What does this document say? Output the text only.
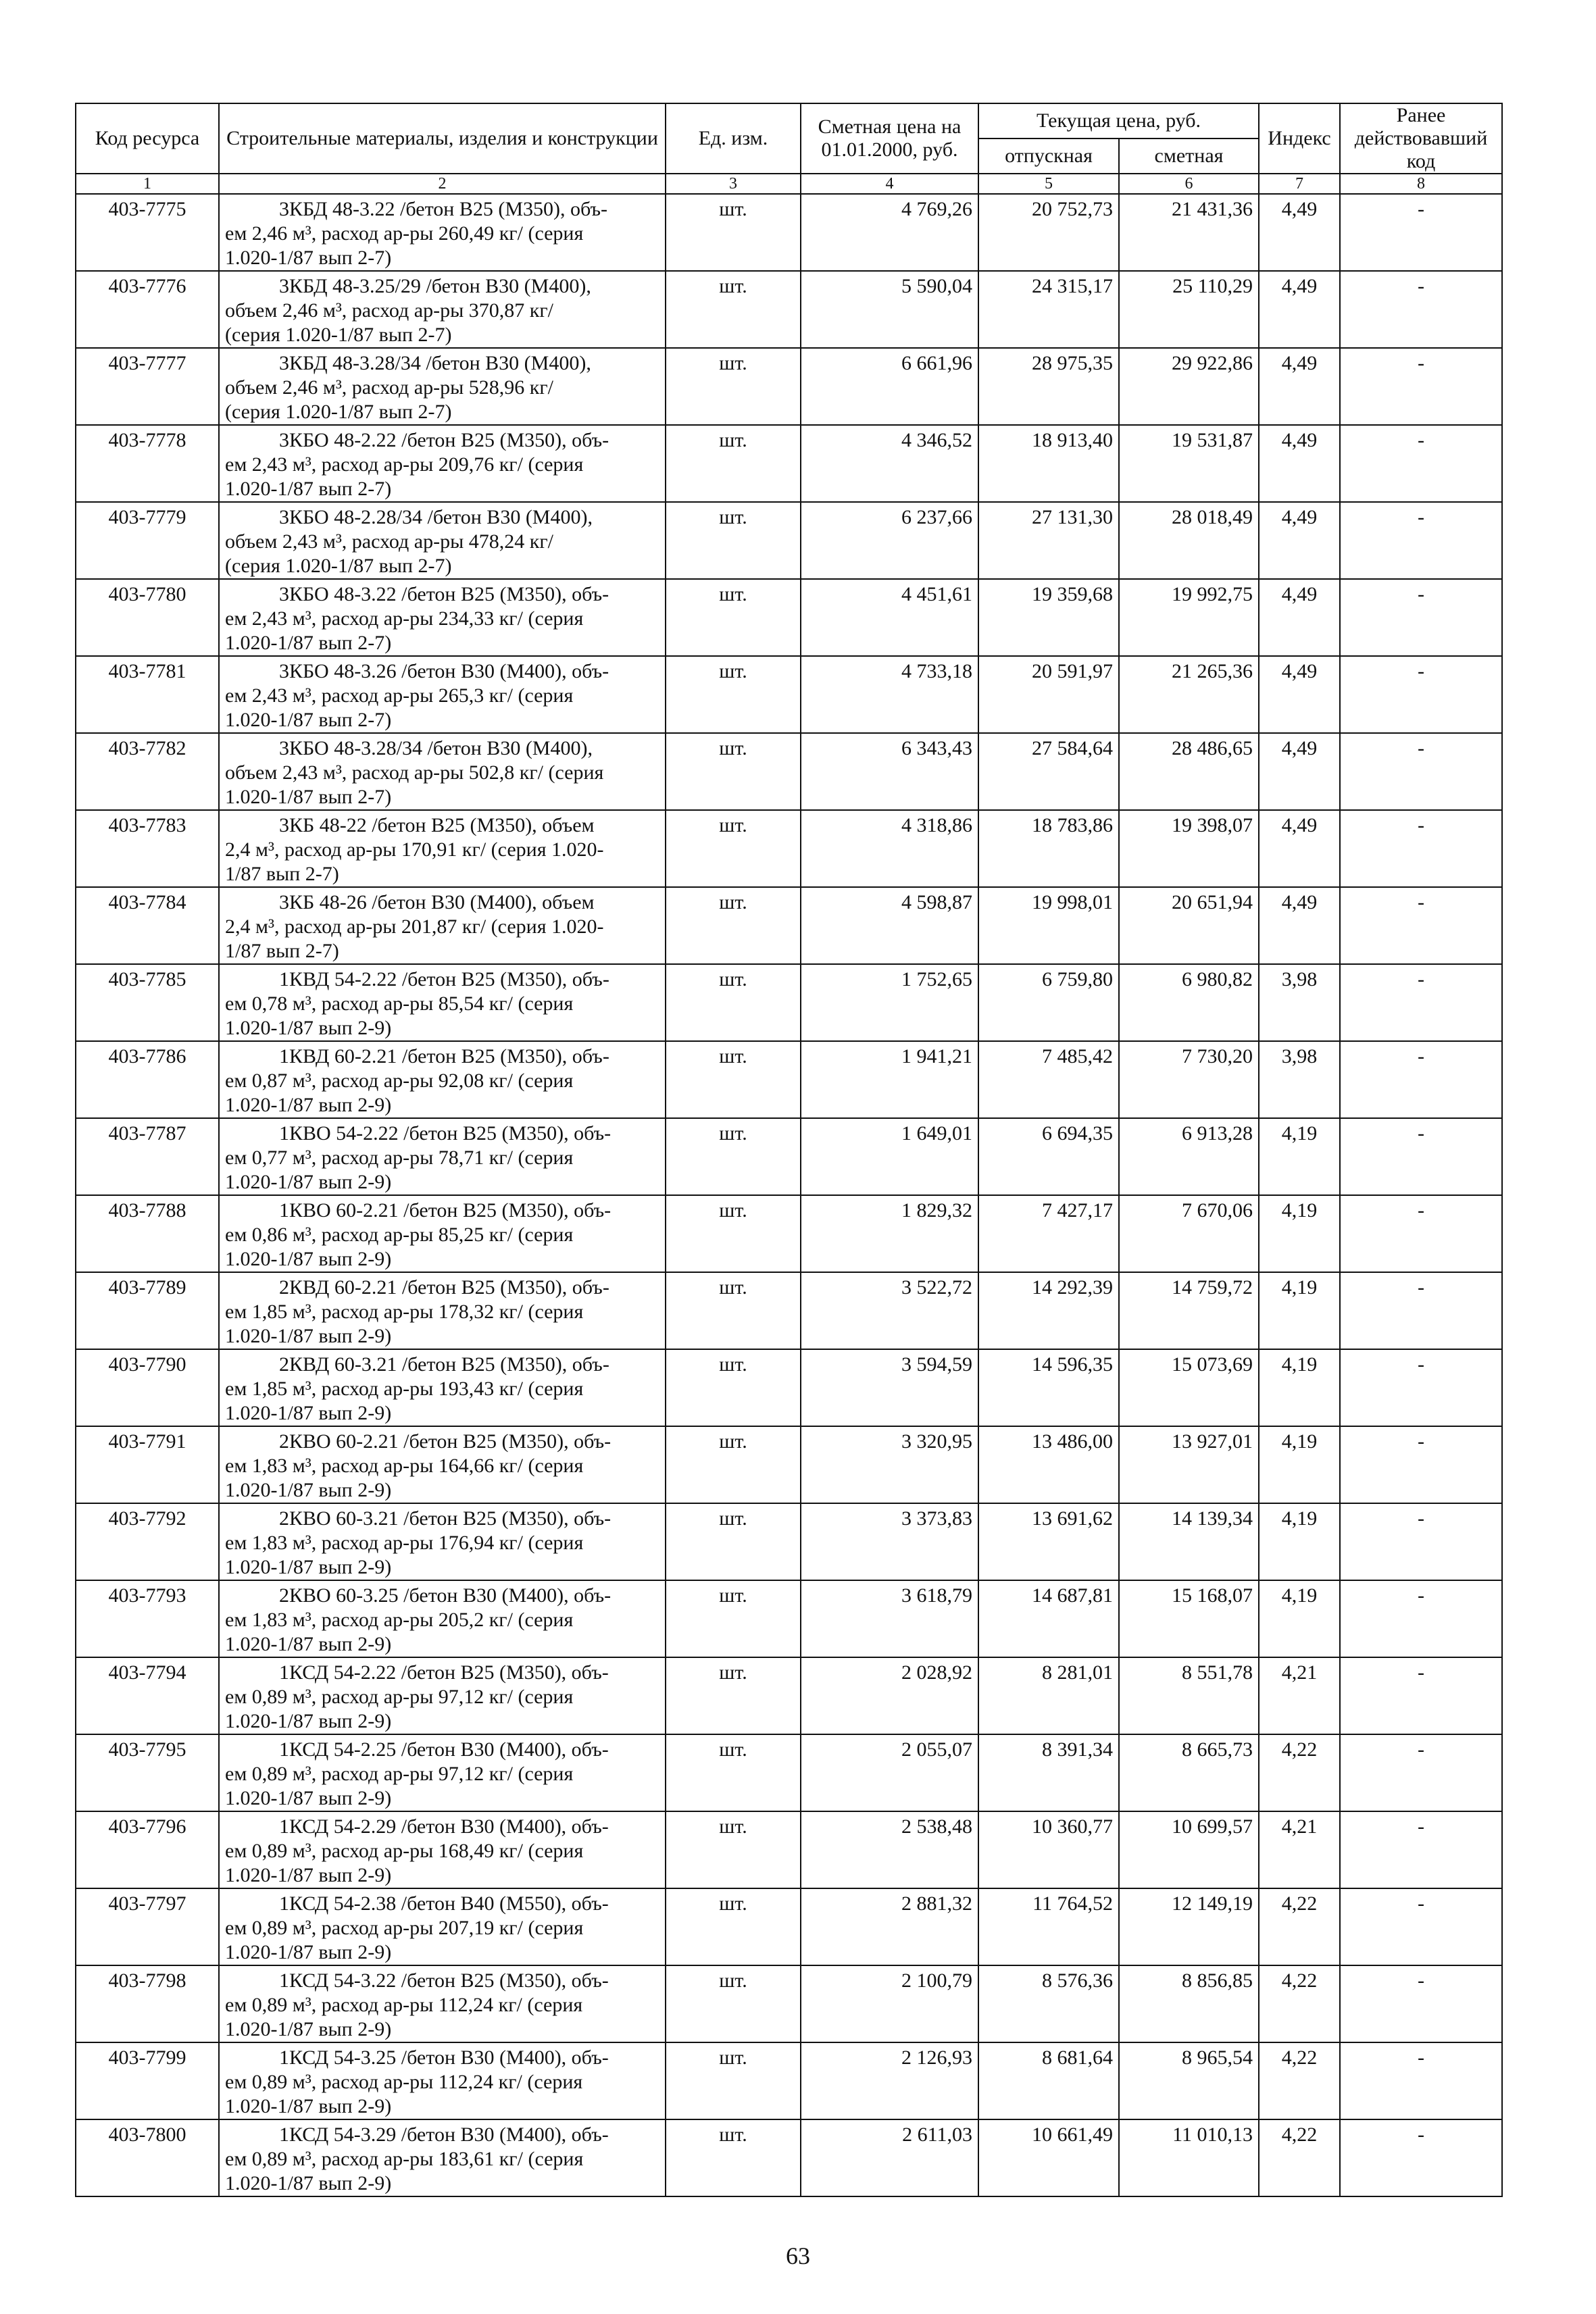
Код ресурса	Строительные материалы, изделия и конструкции	Ед. изм.	Сметная цена на 01.01.2000, руб.	Текущая цена, руб.		Индекс	Ранее действовавший код
				отпускная	сметная		
1	2	3	4	5	6	7	8
403-7775	3КБД 48-3.22 /бетон В25 (М350), объ-
ем 2,46 м³, расход ар-ры 260,49 кг/ (серия
1.020-1/87 вып 2-7)	шт.	4 769,26	20 752,73	21 431,36	4,49	-
403-7776	3КБД 48-3.25/29 /бетон В30 (М400),
объем 2,46 м³, расход ар-ры 370,87 кг/
(серия 1.020-1/87 вып 2-7)	шт.	5 590,04	24 315,17	25 110,29	4,49	-
403-7777	3КБД 48-3.28/34 /бетон В30 (М400),
объем 2,46 м³, расход ар-ры 528,96 кг/
(серия 1.020-1/87 вып 2-7)	шт.	6 661,96	28 975,35	29 922,86	4,49	-
403-7778	3КБО 48-2.22 /бетон В25 (М350), объ-
ем 2,43 м³, расход ар-ры 209,76 кг/ (серия
1.020-1/87 вып 2-7)	шт.	4 346,52	18 913,40	19 531,87	4,49	-
403-7779	3КБО 48-2.28/34 /бетон В30 (М400),
объем 2,43 м³, расход ар-ры 478,24 кг/
(серия 1.020-1/87 вып 2-7)	шт.	6 237,66	27 131,30	28 018,49	4,49	-
403-7780	3КБО 48-3.22 /бетон В25 (М350), объ-
ем 2,43 м³, расход ар-ры 234,33 кг/ (серия
1.020-1/87 вып 2-7)	шт.	4 451,61	19 359,68	19 992,75	4,49	-
403-7781	3КБО 48-3.26 /бетон В30 (М400), объ-
ем 2,43 м³, расход ар-ры 265,3 кг/ (серия
1.020-1/87 вып 2-7)	шт.	4 733,18	20 591,97	21 265,36	4,49	-
403-7782	3КБО 48-3.28/34 /бетон В30 (М400),
объем 2,43 м³, расход ар-ры 502,8 кг/ (серия
1.020-1/87 вып 2-7)	шт.	6 343,43	27 584,64	28 486,65	4,49	-
403-7783	3КБ 48-22 /бетон В25 (М350), объем
2,4 м³, расход ар-ры 170,91 кг/ (серия 1.020-
1/87 вып 2-7)	шт.	4 318,86	18 783,86	19 398,07	4,49	-
403-7784	3КБ 48-26 /бетон В30 (М400), объем
2,4 м³, расход ар-ры 201,87 кг/ (серия 1.020-
1/87 вып 2-7)	шт.	4 598,87	19 998,01	20 651,94	4,49	-
403-7785	1КВД 54-2.22 /бетон В25 (М350), объ-
ем 0,78 м³, расход ар-ры 85,54 кг/ (серия
1.020-1/87 вып 2-9)	шт.	1 752,65	6 759,80	6 980,82	3,98	-
403-7786	1КВД 60-2.21 /бетон В25 (М350), объ-
ем 0,87 м³, расход ар-ры 92,08 кг/ (серия
1.020-1/87 вып 2-9)	шт.	1 941,21	7 485,42	7 730,20	3,98	-
403-7787	1КВО 54-2.22 /бетон В25 (М350), объ-
ем 0,77 м³, расход ар-ры 78,71 кг/ (серия
1.020-1/87 вып 2-9)	шт.	1 649,01	6 694,35	6 913,28	4,19	-
403-7788	1КВО 60-2.21 /бетон В25 (М350), объ-
ем 0,86 м³, расход ар-ры 85,25 кг/ (серия
1.020-1/87 вып 2-9)	шт.	1 829,32	7 427,17	7 670,06	4,19	-
403-7789	2КВД 60-2.21 /бетон В25 (М350), объ-
ем 1,85 м³, расход ар-ры 178,32 кг/ (серия
1.020-1/87 вып 2-9)	шт.	3 522,72	14 292,39	14 759,72	4,19	-
403-7790	2КВД 60-3.21 /бетон В25 (М350), объ-
ем 1,85 м³, расход ар-ры 193,43 кг/ (серия
1.020-1/87 вып 2-9)	шт.	3 594,59	14 596,35	15 073,69	4,19	-
403-7791	2КВО 60-2.21 /бетон В25 (М350), объ-
ем 1,83 м³, расход ар-ры 164,66 кг/ (серия
1.020-1/87 вып 2-9)	шт.	3 320,95	13 486,00	13 927,01	4,19	-
403-7792	2КВО 60-3.21 /бетон В25 (М350), объ-
ем 1,83 м³, расход ар-ры 176,94 кг/ (серия
1.020-1/87 вып 2-9)	шт.	3 373,83	13 691,62	14 139,34	4,19	-
403-7793	2КВО 60-3.25 /бетон В30 (М400), объ-
ем 1,83 м³, расход ар-ры 205,2 кг/ (серия
1.020-1/87 вып 2-9)	шт.	3 618,79	14 687,81	15 168,07	4,19	-
403-7794	1КСД 54-2.22 /бетон В25 (М350), объ-
ем 0,89 м³, расход ар-ры 97,12 кг/ (серия
1.020-1/87 вып 2-9)	шт.	2 028,92	8 281,01	8 551,78	4,21	-
403-7795	1КСД 54-2.25 /бетон В30 (М400), объ-
ем 0,89 м³, расход ар-ры 97,12 кг/ (серия
1.020-1/87 вып 2-9)	шт.	2 055,07	8 391,34	8 665,73	4,22	-
403-7796	1КСД 54-2.29 /бетон В30 (М400), объ-
ем 0,89 м³, расход ар-ры 168,49 кг/ (серия
1.020-1/87 вып 2-9)	шт.	2 538,48	10 360,77	10 699,57	4,21	-
403-7797	1КСД 54-2.38 /бетон В40 (М550), объ-
ем 0,89 м³, расход ар-ры 207,19 кг/ (серия
1.020-1/87 вып 2-9)	шт.	2 881,32	11 764,52	12 149,19	4,22	-
403-7798	1КСД 54-3.22 /бетон В25 (М350), объ-
ем 0,89 м³, расход ар-ры 112,24 кг/ (серия
1.020-1/87 вып 2-9)	шт.	2 100,79	8 576,36	8 856,85	4,22	-
403-7799	1КСД 54-3.25 /бетон В30 (М400), объ-
ем 0,89 м³, расход ар-ры 112,24 кг/ (серия
1.020-1/87 вып 2-9)	шт.	2 126,93	8 681,64	8 965,54	4,22	-
403-7800	1КСД 54-3.29 /бетон В30 (М400), объ-
ем 0,89 м³, расход ар-ры 183,61 кг/ (серия
1.020-1/87 вып 2-9)	шт.	2 611,03	10 661,49	11 010,13	4,22	-
63
